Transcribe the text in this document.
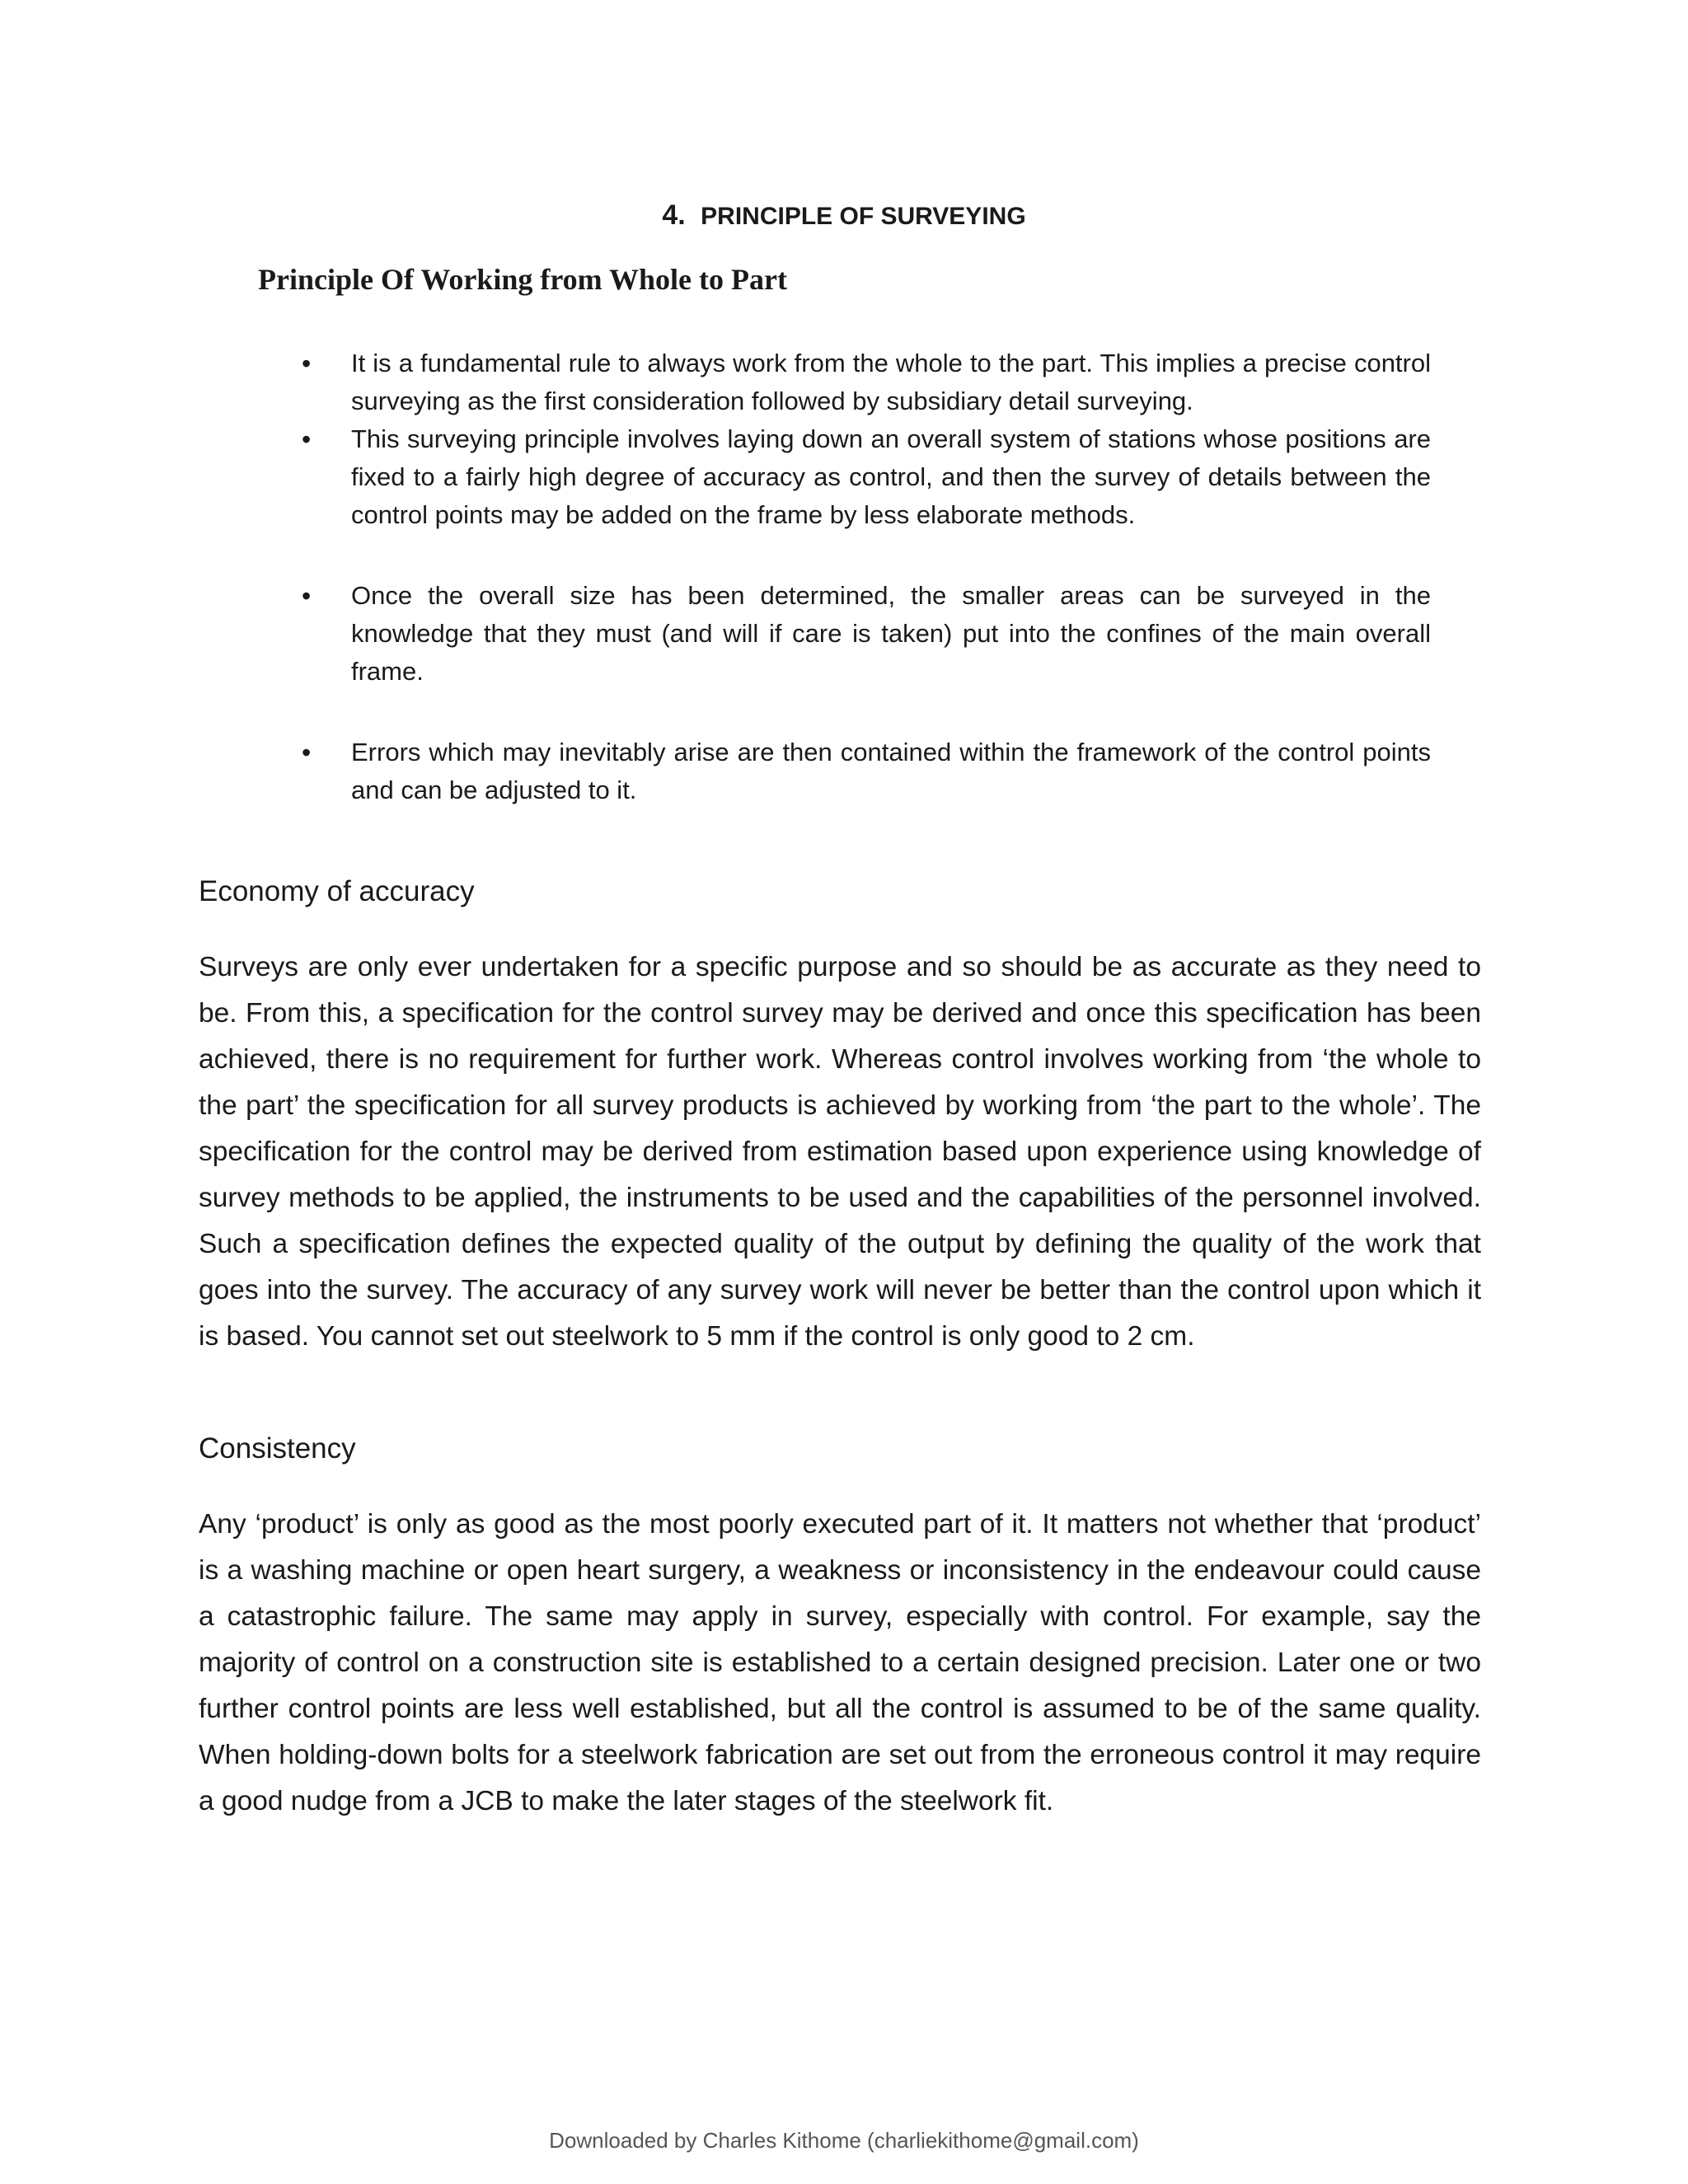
4. PRINCIPLE OF SURVEYING
Principle Of Working from Whole to Part
•	It is a fundamental rule to always work from the whole to the part. This implies a precise control surveying as the first consideration followed by subsidiary detail surveying.
•	This surveying principle involves laying down an overall system of stations whose positions are fixed to a fairly high degree of accuracy as control, and then the survey of details between the control points may be added on the frame by less elaborate methods.
•	Once the overall size has been determined, the smaller areas can be surveyed in the knowledge that they must (and will if care is taken) put into the confines of the main overall frame.
•	Errors which may inevitably arise are then contained within the framework of the control points and can be adjusted to it.
Economy of accuracy

Surveys are only ever undertaken for a specific purpose and so should be as accurate as they need to be. From this, a specification for the control survey may be derived and once this specification has been achieved, there is no requirement for further work. Whereas control involves working from ‘the whole to the part’ the specification for all survey products is achieved by working from ‘the part to the whole’. The specification for the control may be derived from estimation based upon experience using knowledge of survey methods to be applied, the instruments to be used and the capabilities of the personnel involved. Such a specification defines the expected quality of the output by defining the quality of the work that goes into the survey. The accuracy of any survey work will never be better than the control upon which it is based. You cannot set out steelwork to 5 mm if the control is only good to 2 cm.

Consistency

Any ‘product’ is only as good as the most poorly executed part of it. It matters not whether that ‘product’ is a washing machine or open heart surgery, a weakness or inconsistency in the endeavour could cause a catastrophic failure. The same may apply in survey, especially with control. For example, say the majority of control on a construction site is established to a certain designed precision. Later one or two further control points are less well established, but all the control is assumed to be of the same quality. When holding-down bolts for a steelwork fabrication are set out from the erroneous control it may require a good nudge from a JCB to make the later stages of the steelwork fit.

Downloaded by Charles Kithome (charliekithome@gmail.com)
